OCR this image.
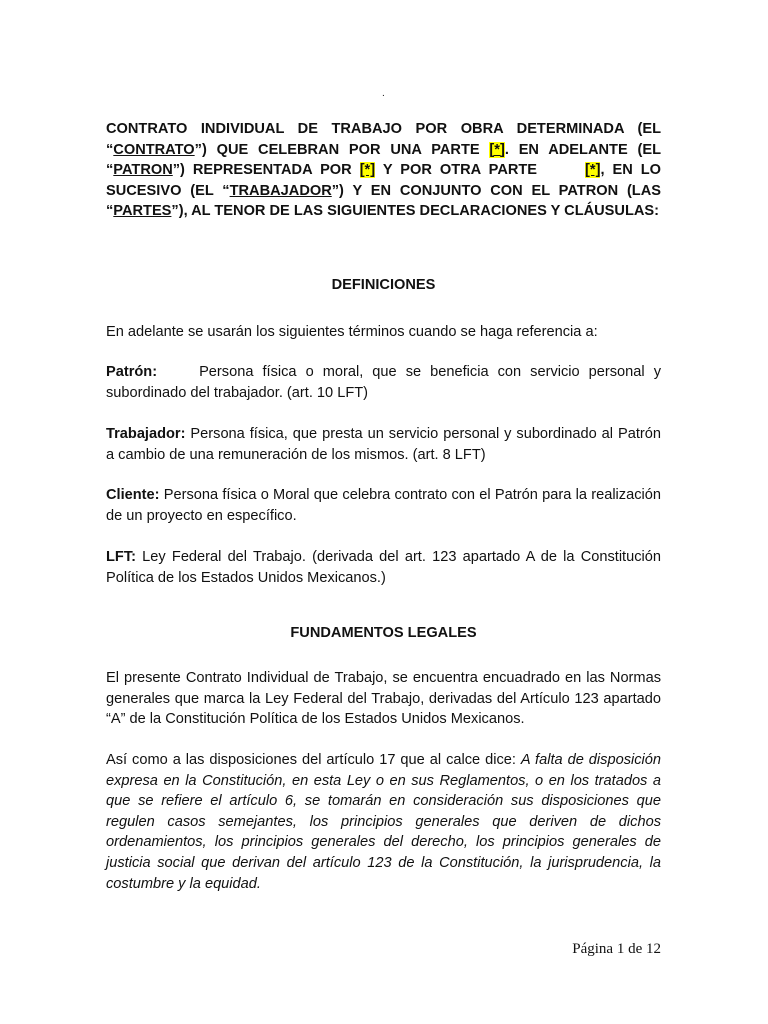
.
CONTRATO INDIVIDUAL DE TRABAJO POR OBRA DETERMINADA (EL “CONTRATO”) QUE CELEBRAN POR UNA PARTE [*]. EN ADELANTE (EL “PATRON”) REPRESENTADA POR [*] Y POR OTRA PARTE	[*], EN LO SUCESIVO (EL “TRABAJADOR”) Y EN CONJUNTO CON EL PATRON (LAS “PARTES”), AL TENOR DE LAS SIGUIENTES DECLARACIONES Y CLÁUSULAS:
DEFINICIONES
En adelante se usarán los siguientes términos cuando se haga referencia a:
Patrón:	Persona física o moral, que se beneficia con servicio personal y subordinado del trabajador. (art. 10 LFT)
Trabajador: Persona física, que presta un servicio personal y subordinado al Patrón a cambio de una remuneración de los mismos. (art. 8 LFT)
Cliente: Persona física o Moral que celebra contrato con el Patrón para la realización de un proyecto en específico.
LFT: Ley Federal del Trabajo. (derivada del art. 123 apartado A de la Constitución Política de los Estados Unidos Mexicanos.)
FUNDAMENTOS LEGALES
El presente Contrato Individual de Trabajo, se encuentra encuadrado en las Normas generales que marca la Ley Federal del Trabajo, derivadas del Artículo 123 apartado “A” de la Constitución Política de los Estados Unidos Mexicanos.
Así como a las disposiciones del artículo 17 que al calce dice: A falta de disposición expresa en la Constitución, en esta Ley o en sus Reglamentos, o en los tratados a que se refiere el artículo 6, se tomarán en consideración sus disposiciones que regulen casos semejantes, los principios generales que deriven de dichos ordenamientos, los principios generales del derecho, los principios generales de justicia social que derivan del artículo 123 de la Constitución, la jurisprudencia, la costumbre y la equidad.
Página 1 de 12
